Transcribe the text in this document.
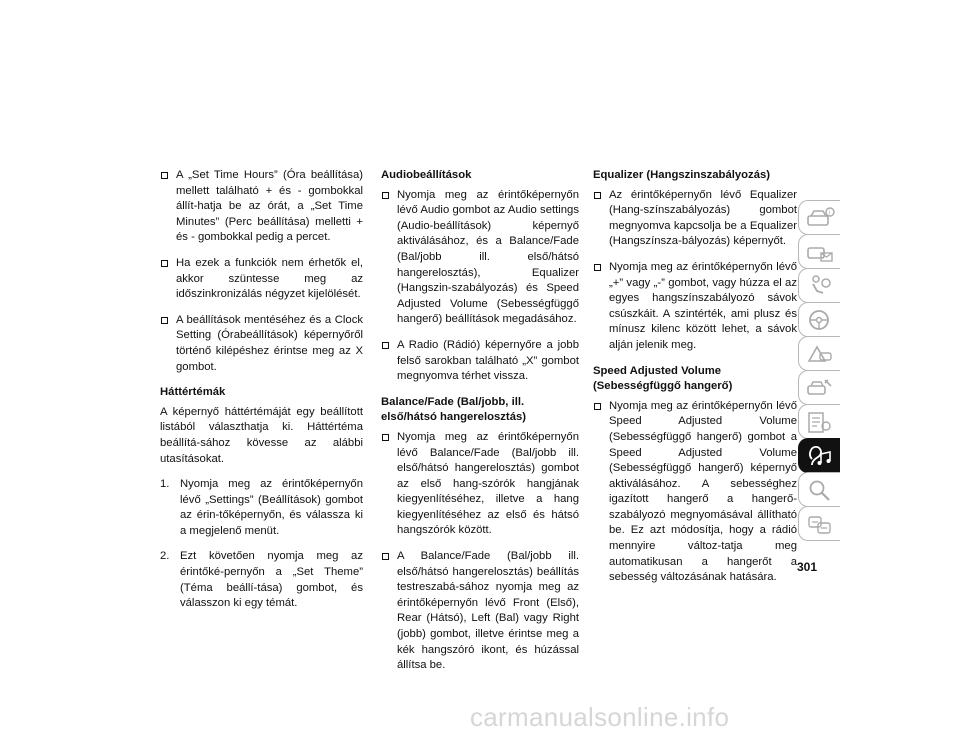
A „Set Time Hours” (Óra beállítása) mellett található + és - gombokkal állít-hatja be az órát, a „Set Time Minutes” (Perc beállítása) melletti + és - gombokkal pedig a percet.
Ha ezek a funkciók nem érhetők el, akkor szüntesse meg az időszinkronizálás négyzet kijelölését.
A beállítások mentéséhez és a Clock Setting (Órabeállítások) képernyőről történő kilépéshez érintse meg az X gombot.
Háttértémák

A képernyő háttértémáját egy beállított listából választhatja ki. Háttértéma beállítá-sához kövesse az alábbi utasításokat.

1. Nyomja meg az érintőképernyőn lévő „Settings” (Beállítások) gombot az érin-tőképernyőn, és válassza ki a megjelenő menüt.
2. Ezt követően nyomja meg az érintőké-pernyőn a „Set Theme” (Téma beállí-tása) gombot, és válasszon ki egy témát.
Audiobeállítások
Nyomja meg az érintőképernyőn lévő Audio gombot az Audio settings (Audio-beállítások) képernyő aktiválásához, és a Balance/Fade (Bal/jobb ill. első/hátsó hangerelosztás), Equalizer (Hangszin-szabályozás) és Speed Adjusted Volume (Sebességfüggő hangerő) beállítások megadásához.
A Radio (Rádió) képernyőre a jobb felső sarokban található „X” gombot megnyomva térhet vissza.
Balance/Fade (Bal/jobb, ill. első/hátsó hangerelosztás)
Nyomja meg az érintőképernyőn lévő Balance/Fade (Bal/jobb ill. első/hátsó hangerelosztás) gombot az első hang-szórók hangjának kiegyenlítéséhez, illetve a hang kiegyenlítéséhez az első és hátsó hangszórók között.
A Balance/Fade (Bal/jobb ill. első/hátsó hangerelosztás) beállítás testreszabá-sához nyomja meg az érintőképernyőn lévő Front (Első), Rear (Hátsó), Left (Bal) vagy Right (jobb) gombot, illetve érintse meg a kék hangszóró ikont, és húzással állítsa be.
Equalizer (Hangszinszabályozás)
Az érintőképernyőn lévő Equalizer (Hang-színszabályozás) gombot megnyomva kapcsolja be a Equalizer (Hangszínsza-bályozás) képernyőt.
Nyomja meg az érintőképernyőn lévő „+” vagy „-” gombot, vagy húzza el az egyes hangszínszabályozó sávok csúszkáit. A szintérték, ami plusz és mínusz kilenc között lehet, a sávok alján jelenik meg.
Speed Adjusted Volume (Sebességfüggő hangerő)
Nyomja meg az érintőképernyőn lévő Speed Adjusted Volume (Sebességfüggő hangerő) gombot a Speed Adjusted Volume (Sebességfüggő hangerő) képernyő aktiválásához. A sebességhez igazított hangerő a hangerő-szabályozó megnyomásával állítható be. Ez azt módosítja, hogy a rádió mennyire változ-tatja meg automatikusan a hangerőt a sebesség változásának hatására.
i
301
carmanualsonline.info
